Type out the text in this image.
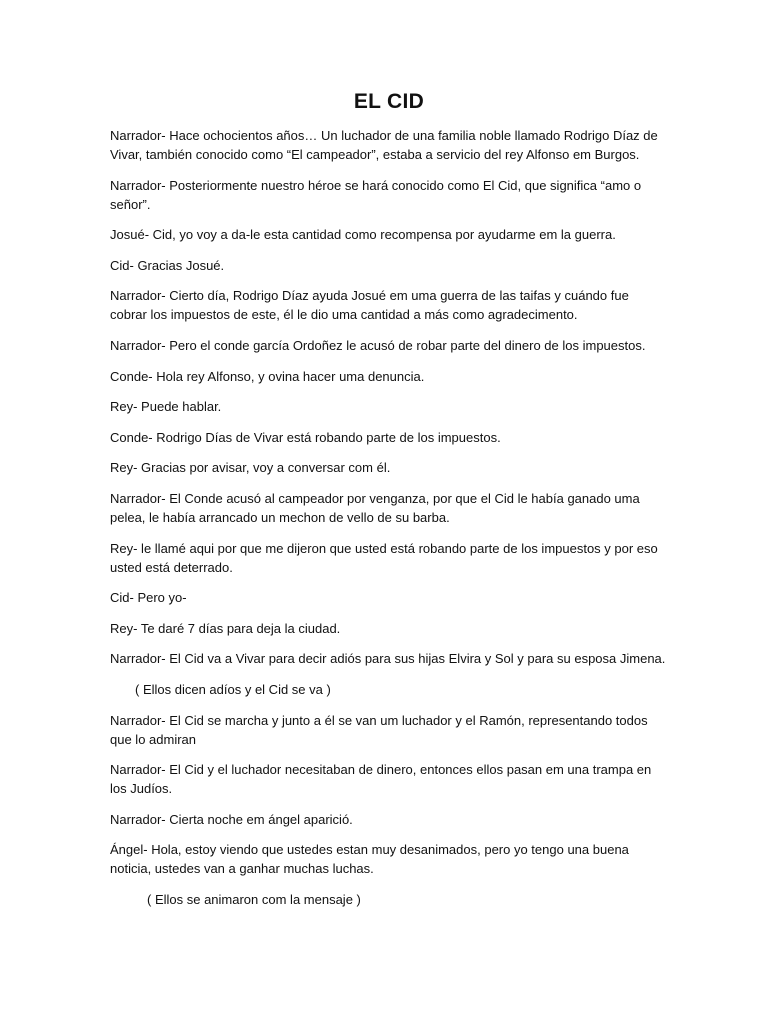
EL CID

Narrador- Hace ochocientos años… Un luchador de una familia noble llamado Rodrigo Díaz de Vivar, también conocido como “El campeador”, estaba a servicio del rey Alfonso em Burgos.

Narrador- Posteriormente nuestro héroe se hará conocido como El Cid, que significa “amo o señor”.

Josué- Cid, yo voy a da-le esta cantidad como recompensa por ayudarme em la guerra.

Cid- Gracias Josué.

Narrador- Cierto día, Rodrigo Díaz ayuda Josué em uma guerra de las taifas y cuándo fue cobrar los impuestos de este, él le dio uma cantidad a más como agradecimento.

Narrador- Pero el conde garcía Ordoñez le acusó de robar parte del dinero de los impuestos.

Conde- Hola rey Alfonso, y ovina hacer uma denuncia.

Rey- Puede hablar.

Conde- Rodrigo Días de Vivar está robando parte de los impuestos.

Rey- Gracias por avisar, voy a conversar com él.

Narrador- El Conde acusó al campeador por venganza, por que el Cid le había ganado uma pelea, le había arrancado un mechon de vello de su barba.

Rey- le llamé aqui por que me dijeron que usted está robando parte de los impuestos y por eso usted está deterrado.

Cid- Pero yo-

Rey- Te daré 7 días para deja la ciudad.

Narrador- El Cid va a Vivar para decir adiós para sus hijas Elvira y Sol y para su esposa Jimena.

( Ellos dicen adíos y el Cid se va )

Narrador- El Cid se marcha y junto a él se van um luchador y el Ramón, representando todos que lo admiran

Narrador- El Cid y el luchador necesitaban de dinero, entonces ellos pasan em una trampa en los Judíos.

Narrador- Cierta noche em ángel aparició.

Ángel- Hola, estoy viendo que ustedes estan muy desanimados, pero yo tengo una buena noticia, ustedes van a ganhar muchas luchas.

( Ellos se animaron com la mensaje )
